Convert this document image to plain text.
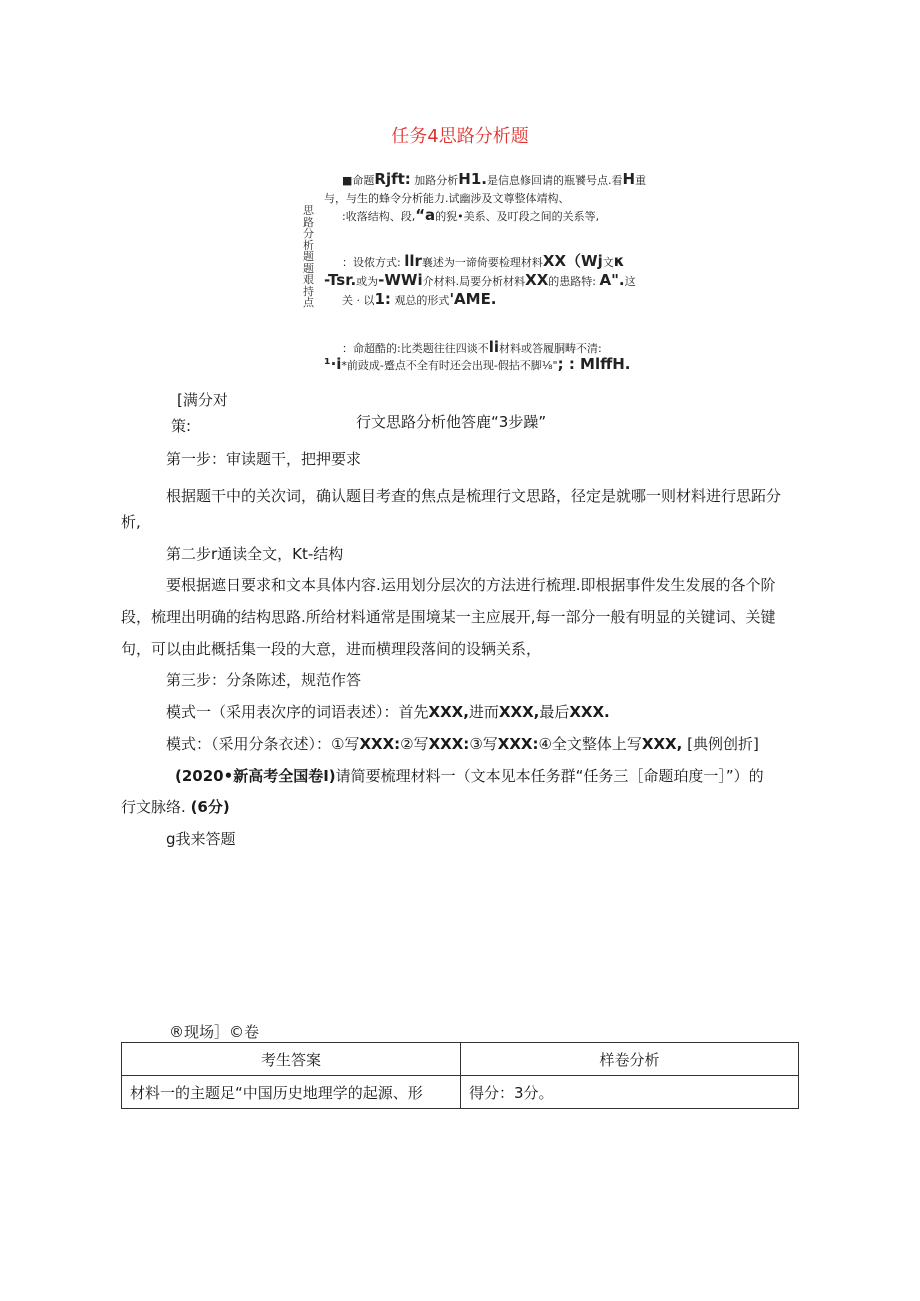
任务4思路分析题
思路分析题题艰持点
■命题Rjft: 加路分析H1.是信息修回请的瓶饕号点.看H重
与，与生的蜂令分析能力.试幽涉及文尊整体靖构、
:收落结构、段,“a的猊•美系、及叮段之间的关系等,
：设侬方式: llr襄述为一谛倚要检理材料XX（Wj文κ
-Tsr.或为-WWi介材料.局要分析材料XX的患路特: A".这
关 · 以1: 观总的形式'AME.
：命超酷的:比类题往往四谈不li材料或答履胴畴不清:
¹·i*前豉成-蹙点不全有时还会出现-假拈不脚⅛"; : MlffH.
[满分对
策:	行文思路分析他答鹿“3步躁”
第一步：审读题干，把押要求
根据题干中的关次词，确认题目考查的焦点是梳理行文思路，径定是就哪一则材料进行思跖分
析,
第二步r通读全文，Kt-结构
要根据遮日要求和文本具体内容.运用划分层次的方法进行梳理.即根据事件发生发展的各个阶
段，梳理出明确的结构思路.所给材料通常是围境某一主应展开,每一部分一般有明显的关键词、关键
句，可以由此概括集一段的大意，进而横理段落间的设辆关系，
第三步：分条陈述，规范作答
模式一（采用表次序的词语表述）：首先XXX,进而XXX,最后XXX.
模式：（采用分条衣述）：①写XXX:②写XXX:③写XXX:④全文整体上写XXX, [典例创折]
(2020•新高考全国卷I)请简要梳理材料一（文本见本任务群“任务三［命题珀度一］”）的
行文脉络. (6分)
g我来答题
®现场］©卷
考生答案	样卷分析
材料一的主题足“中国历史地理学的起源、形	得分：3分。
